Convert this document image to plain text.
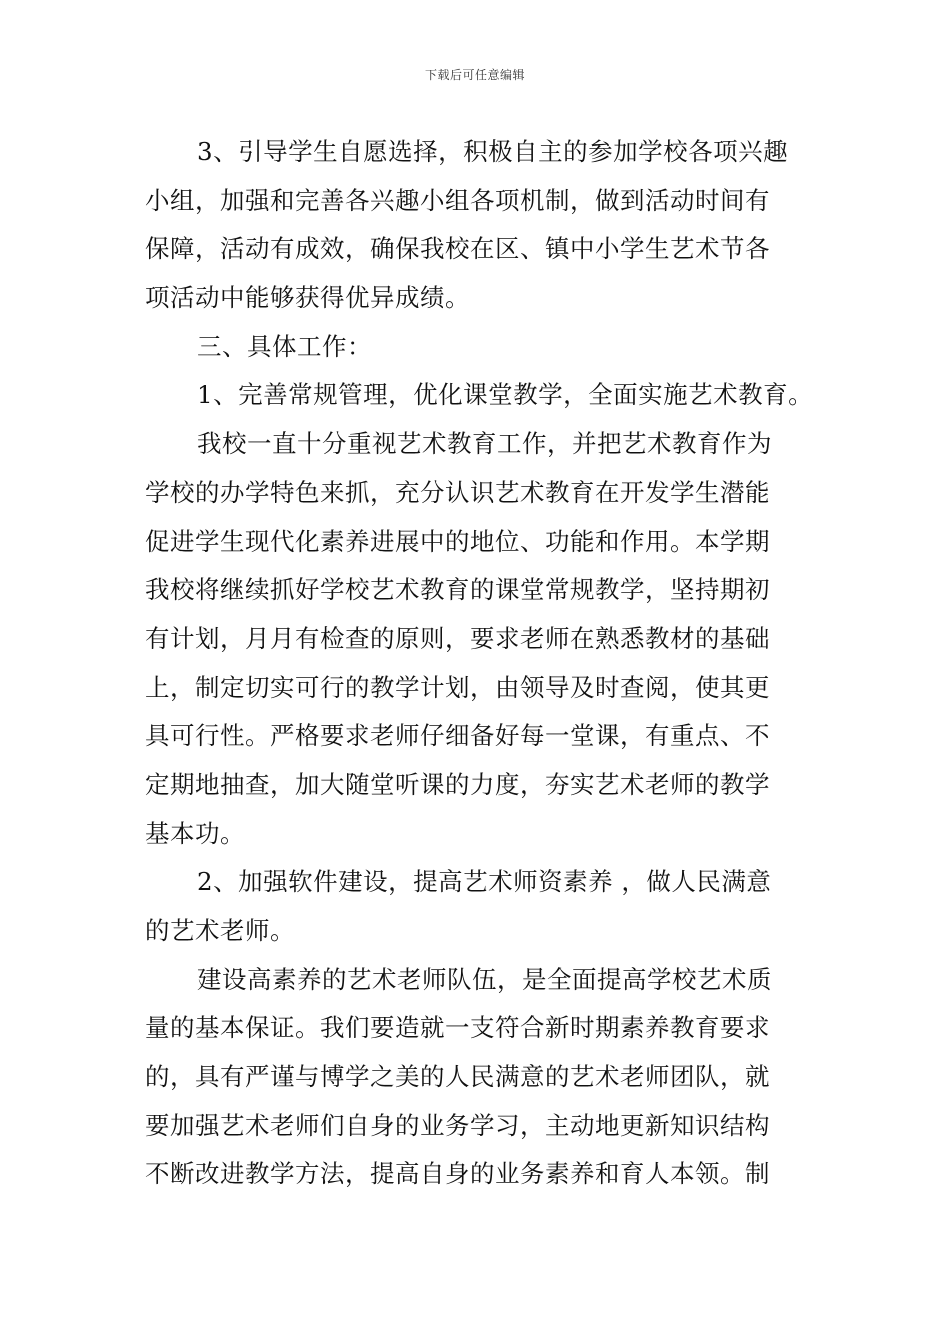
下载后可任意编辑
3、引导学生自愿选择，积极自主的参加学校各项兴趣
小组，加强和完善各兴趣小组各项机制，做到活动时间有
保障，活动有成效，确保我校在区、镇中小学生艺术节各
项活动中能够获得优异成绩。
三、具体工作：
1、完善常规管理，优化课堂教学，全面实施艺术教育。
我校一直十分重视艺术教育工作，并把艺术教育作为
学校的办学特色来抓，充分认识艺术教育在开发学生潜能
促进学生现代化素养进展中的地位、功能和作用。本学期
我校将继续抓好学校艺术教育的课堂常规教学，坚持期初
有计划，月月有检查的原则，要求老师在熟悉教材的基础
上，制定切实可行的教学计划，由领导及时查阅，使其更
具可行性。严格要求老师仔细备好每一堂课，有重点、不
定期地抽查，加大随堂听课的力度，夯实艺术老师的教学
基本功。
2、加强软件建设，提高艺术师资素养 ，做人民满意
的艺术老师。
建设高素养的艺术老师队伍，是全面提高学校艺术质
量的基本保证。我们要造就一支符合新时期素养教育要求
的，具有严谨与博学之美的人民满意的艺术老师团队，就
要加强艺术老师们自身的业务学习，主动地更新知识结构
不断改进教学方法，提高自身的业务素养和育人本领。制
